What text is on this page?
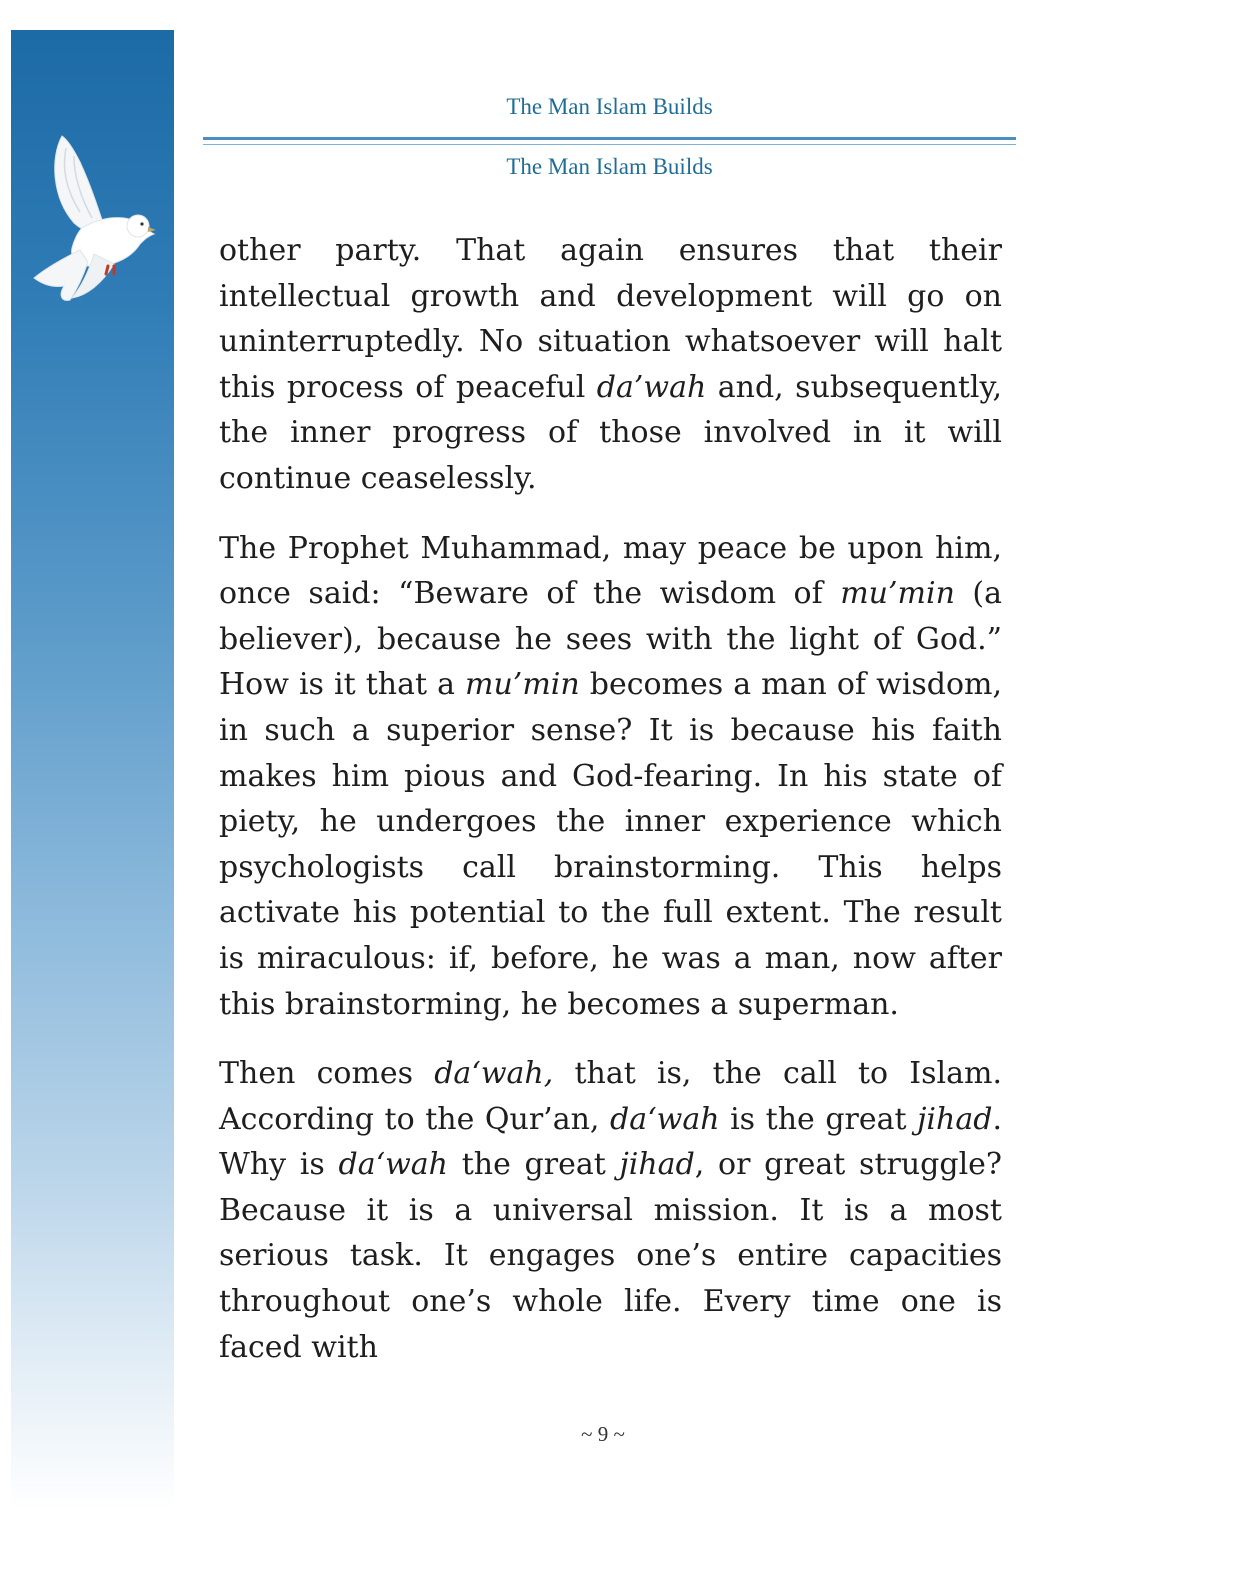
The Man Islam Builds
The Man Islam Builds

other party. That again ensures that their intellectual growth and development will go on uninterruptedly. No situation whatsoever will halt this process of peaceful da’wah and, subsequently, the inner progress of those involved in it will continue ceaselessly.

The Prophet Muhammad, may peace be upon him, once said: “Beware of the wisdom of mu’min (a believer), because he sees with the light of God.” How is it that a mu’min becomes a man of wisdom, in such a superior sense? It is because his faith makes him pious and God-fearing. In his state of piety, he undergoes the inner experience which psychologists call brainstorming. This helps activate his potential to the full extent. The result is miraculous: if, before, he was a man, now after this brainstorming, he becomes a superman.

Then comes da‘wah, that is, the call to Islam. According to the Qur’an, da‘wah is the great jihad. Why is da‘wah the great jihad, or great struggle? Because it is a universal mission. It is a most serious task. It engages one’s entire capacities throughout one’s whole life. Every time one is faced with

~ 9 ~
